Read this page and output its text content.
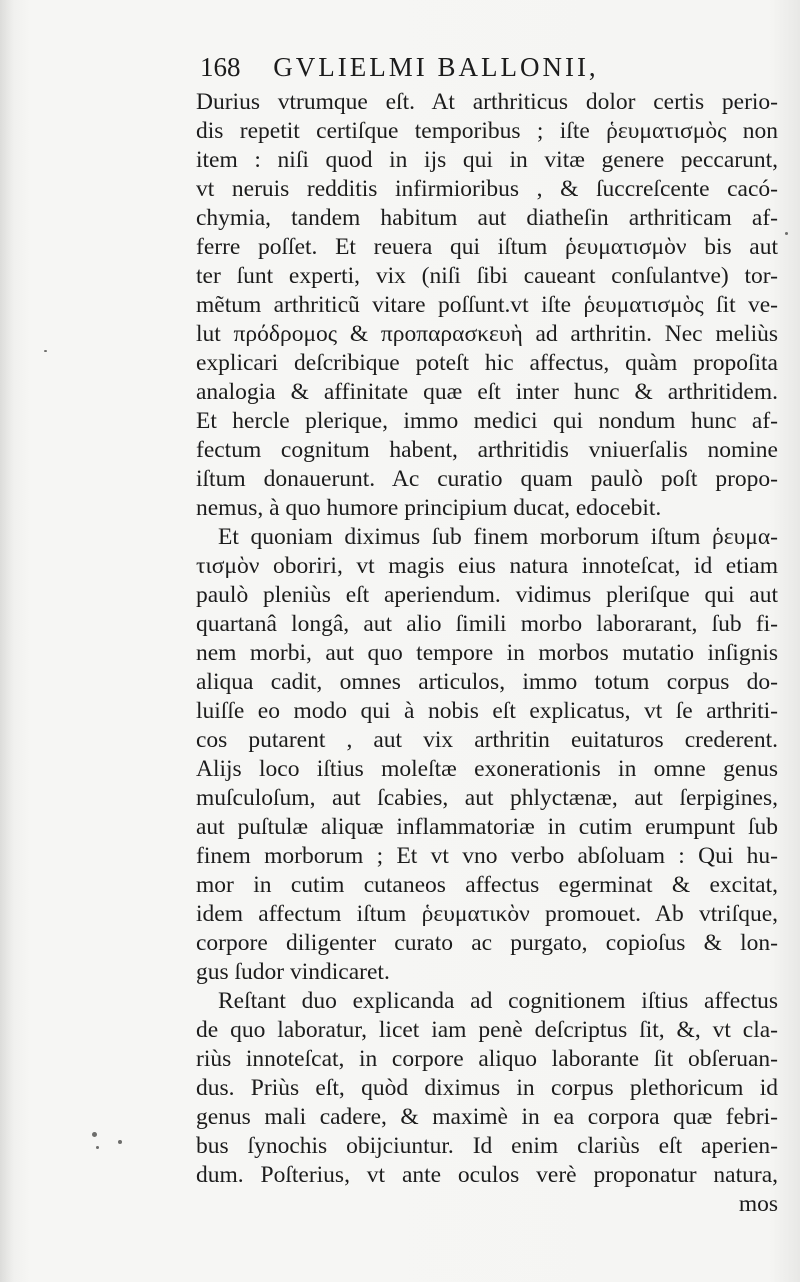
168 GVLIELMI BALLONII,
Durius vtrumque eſt. At arthriticus dolor certis perio-
dis repetit certiſque temporibus ; iſte ῥευματισμὸς non
item : niſi quod in ijs qui in vitæ genere peccarunt,
vt neruis redditis infirmioribus , & ſuccreſcente cacó-
chymia, tandem habitum aut diatheſin arthriticam af-
ferre poſſet. Et reuera qui iſtum ῥευματισμὸν bis aut
ter ſunt experti, vix (niſi ſibi caueant conſulantve) tor-
mẽtum arthriticũ vitare poſſunt.vt iſte ῥευματισμὸς ſit ve-
lut πρόδρομος & προπαρασκευὴ ad arthritin. Nec meliùs
explicari deſcribique poteſt hic affectus, quàm propoſita
analogia & affinitate quæ eſt inter hunc & arthritidem.
Et hercle plerique, immo medici qui nondum hunc af-
fectum cognitum habent, arthritidis vniuerſalis nomine
iſtum donauerunt. Ac curatio quam paulò poſt propo-
nemus, à quo humore principium ducat, edocebit.
Et quoniam diximus ſub finem morborum iſtum ῥευμα-
τισμὸν oboriri, vt magis eius natura innoteſcat, id etiam
paulò pleniùs eſt aperiendum. vidimus pleriſque qui aut
quartanâ longâ, aut alio ſimili morbo laborarant, ſub fi-
nem morbi, aut quo tempore in morbos mutatio inſignis
aliqua cadit, omnes articulos, immo totum corpus do-
luiſſe eo modo qui à nobis eſt explicatus, vt ſe arthriti-
cos putarent , aut vix arthritin euitaturos crederent.
Alijs loco iſtius moleſtæ exonerationis in omne genus
muſculoſum, aut ſcabies, aut phlyctænæ, aut ſerpigines,
aut puſtulæ aliquæ inflammatoriæ in cutim erumpunt ſub
finem morborum ; Et vt vno verbo abſoluam : Qui hu-
mor in cutim cutaneos affectus egerminat & excitat,
idem affectum iſtum ῥευματικὸν promouet. Ab vtriſque,
corpore diligenter curato ac purgato, copioſus & lon-
gus ſudor vindicaret.
Reſtant duo explicanda ad cognitionem iſtius affectus
de quo laboratur, licet iam penè deſcriptus ſit, &, vt cla-
riùs innoteſcat, in corpore aliquo laborante ſit obſeruan-
dus. Priùs eſt, quòd diximus in corpus plethoricum id
genus mali cadere, & maximè in ea corpora quæ febri-
bus ſynochis obijciuntur. Id enim clariùs eſt aperien-
dum. Poſterius, vt ante oculos verè proponatur natura,
mos
